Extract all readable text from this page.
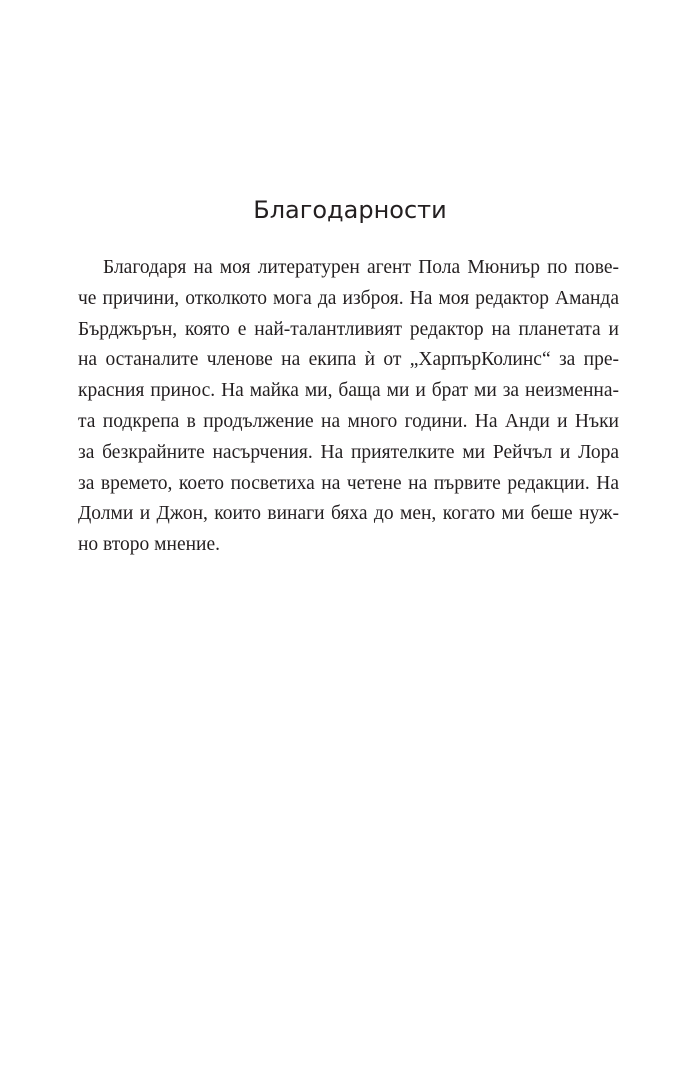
Благодарности
Благодаря на моя литературен агент Пола Мюниър по пове-
че причини, отколкото мога да изброя. На моя редактор Аманда
Бърджърън, която е най-талантливият редактор на планетата и
на останалите членове на екипа ѝ от „ХарпърКолинс“ за пре-
красния принос. На майка ми, баща ми и брат ми за неизменна-
та подкрепа в продължение на много години. На Анди и Нъки
за безкрайните насърчения. На приятелките ми Рейчъл и Лора
за времето, което посветиха на четене на първите редакции. На
Долми и Джон, които винаги бяха до мен, когато ми беше нуж-
но второ мнение.
